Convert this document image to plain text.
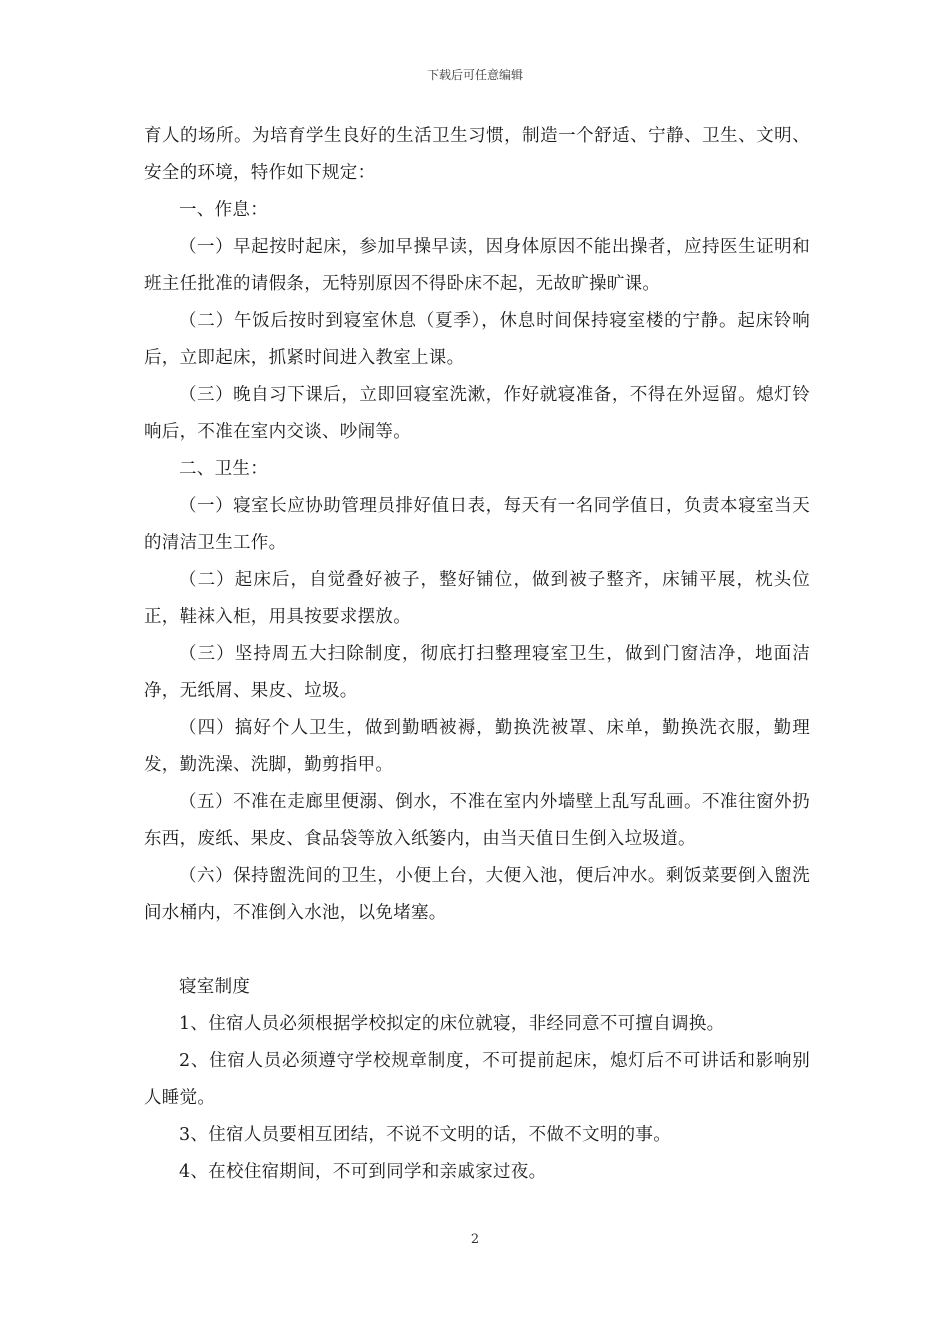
下载后可任意编辑

育人的场所。为培育学生良好的生活卫生习惯，制造一个舒适、宁静、卫生、文明、安全的环境，特作如下规定：

一、作息：

（一）早起按时起床，参加早操早读，因身体原因不能出操者，应持医生证明和班主任批准的请假条，无特别原因不得卧床不起，无故旷操旷课。

（二）午饭后按时到寝室休息（夏季），休息时间保持寝室楼的宁静。起床铃响后，立即起床，抓紧时间进入教室上课。

（三）晚自习下课后，立即回寝室洗漱，作好就寝准备，不得在外逗留。熄灯铃响后，不准在室内交谈、吵闹等。

二、卫生：

（一）寝室长应协助管理员排好值日表，每天有一名同学值日，负责本寝室当天的清洁卫生工作。

（二）起床后，自觉叠好被子，整好铺位，做到被子整齐，床铺平展，枕头位正，鞋袜入柜，用具按要求摆放。

（三）坚持周五大扫除制度，彻底打扫整理寝室卫生，做到门窗洁净，地面洁净，无纸屑、果皮、垃圾。

（四）搞好个人卫生，做到勤晒被褥，勤换洗被罩、床单，勤换洗衣服，勤理发，勤洗澡、洗脚，勤剪指甲。

（五）不准在走廊里便溺、倒水，不准在室内外墙壁上乱写乱画。不准往窗外扔东西，废纸、果皮、食品袋等放入纸篓内，由当天值日生倒入垃圾道。

（六）保持盥洗间的卫生，小便上台，大便入池，便后冲水。剩饭菜要倒入盥洗间水桶内，不准倒入水池，以免堵塞。

寝室制度

1、住宿人员必须根据学校拟定的床位就寝，非经同意不可擅自调换。

2、住宿人员必须遵守学校规章制度，不可提前起床，熄灯后不可讲话和影响别人睡觉。

3、住宿人员要相互团结，不说不文明的话，不做不文明的事。

4、在校住宿期间，不可到同学和亲戚家过夜。

2
